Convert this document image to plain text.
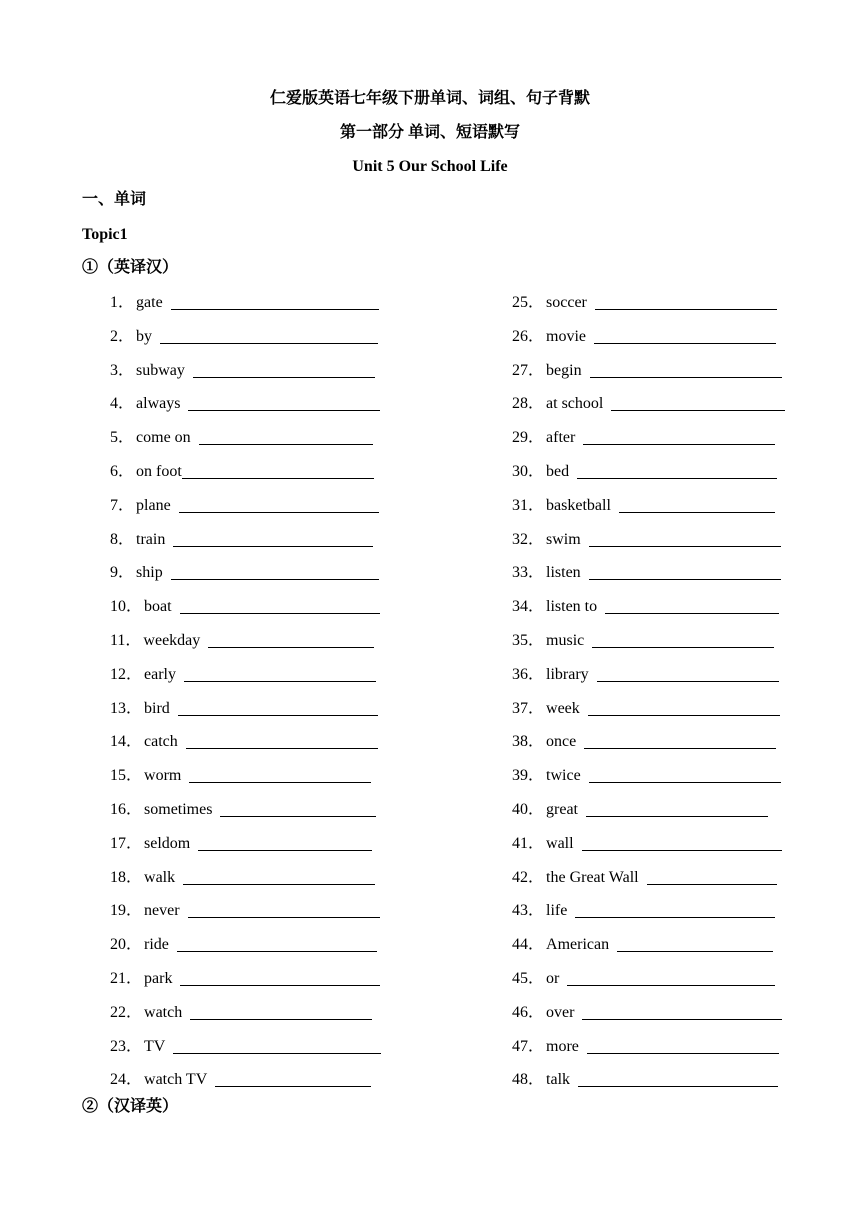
仁爱版英语七年级下册单词、词组、句子背默
第一部分 单词、短语默写
Unit 5 Our School Life
一、单词
Topic1
①（英译汉）
1 ．	gate
2 ．	by
3 ．	subway
4 ．	always
5 ．	come on
6 ．	on foot
7 ．	plane
8 ．	train
9 ．	ship
10 ．	boat
11 ．	weekday
12 ．	early
13 ．	bird
14 ．	catch
15 ．	worm
16 ．	sometimes
17 ．	seldom
18 ．	walk
19 ．	never
20 ．	ride
21 ．	park
22 ．	watch
23 ．	TV
24 ．	watch TV
25 ．	soccer
26 ．	movie
27 ．	begin
28 ．	at school
29 ．	after
30 ．	bed
31 ．	basketball
32 ．	swim
33 ．	listen
34 ．	listen to
35 ．	music
36 ．	library
37 ．	week
38 ．	once
39 ．	twice
40 ．	great
41 ．	wall
42 ．	the Great Wall
43 ．	life
44 ．	American
45 ．	or
46 ．	over
47 ．	more
48 ．	talk
②（汉译英）
